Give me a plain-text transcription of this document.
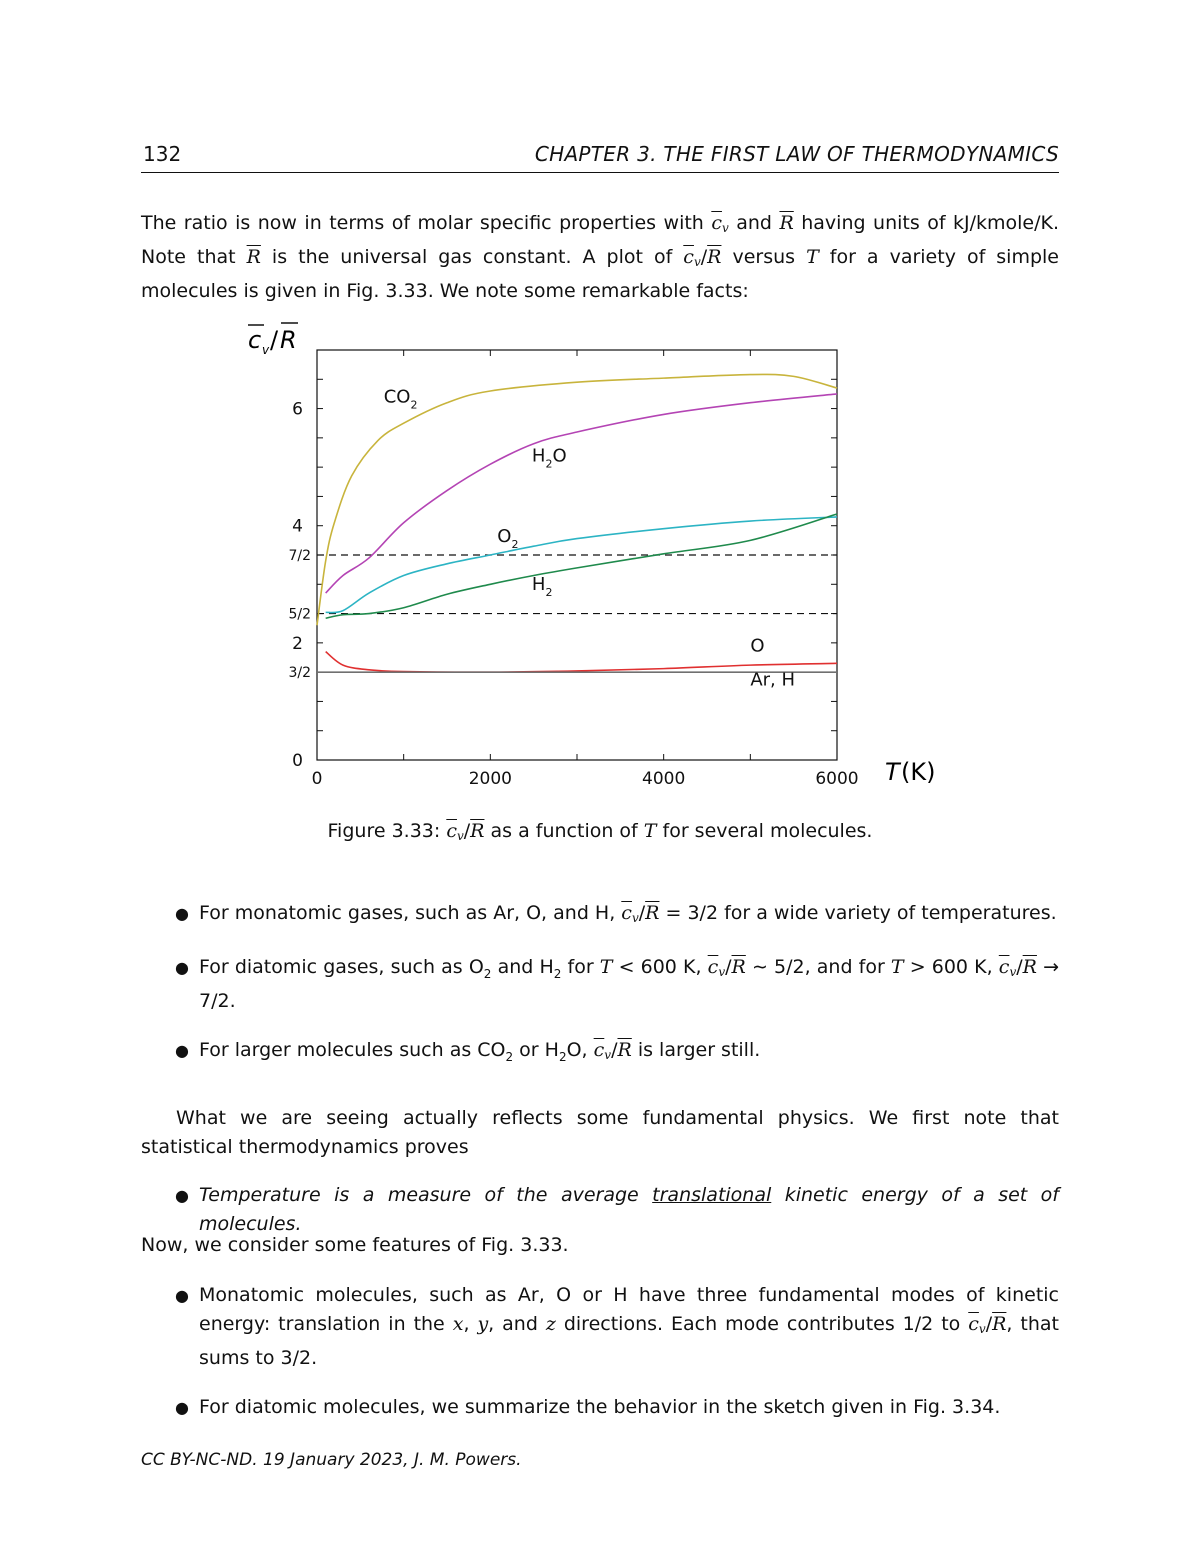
132	CHAPTER 3. THE FIRST LAW OF THERMODYNAMICS
The ratio is now in terms of molar specific properties with $\overline{c}_v$ and $\overline{R}$ having units of kJ/kmole/K. Note that $\overline{R}$ is the universal gas constant. A plot of $\overline{c}_v/\overline{R}$ versus T for a variety of simple molecules is given in Fig. 3.33. We note some remarkable facts:
c v / R
0	2000	4000	6000
0
2
4
6
3/2
5/2
7/2
$CO_2$
$H_2O$
$O_2$
$H_2$
O
Ar, H
T (K)
Figure 3.33: $\overline{c}_v/\overline{R}$ as a function of T for several molecules.
● For monatomic gases, such as Ar, O, and H, $\overline{c}_v/\overline{R} = 3/2$ for a wide variety of temperatures.
● For diatomic gases, such as $O_2$ and $H_2$ for T < 600 K, $\overline{c}_v/\overline{R}$ ∼ 5/2, and for T > 600 K, $\overline{c}_v/\overline{R} \to 7/2$.
● For larger molecules such as $CO_2$ or $H_2O$, $\overline{c}_v/\overline{R}$ is larger still.
What we are seeing actually reflects some fundamental physics. We first note that statistical thermodynamics proves
● Temperature is a measure of the average translational kinetic energy of a set of molecules.
Now, we consider some features of Fig. 3.33.
● Monatomic molecules, such as Ar, O or H have three fundamental modes of kinetic energy: translation in the x, y, and z directions. Each mode contributes 1/2 to $\overline{c}_v/\overline{R}$, that sums to 3/2.
● For diatomic molecules, we summarize the behavior in the sketch given in Fig. 3.34.
CC BY-NC-ND. 19 January 2023, J. M. Powers.
